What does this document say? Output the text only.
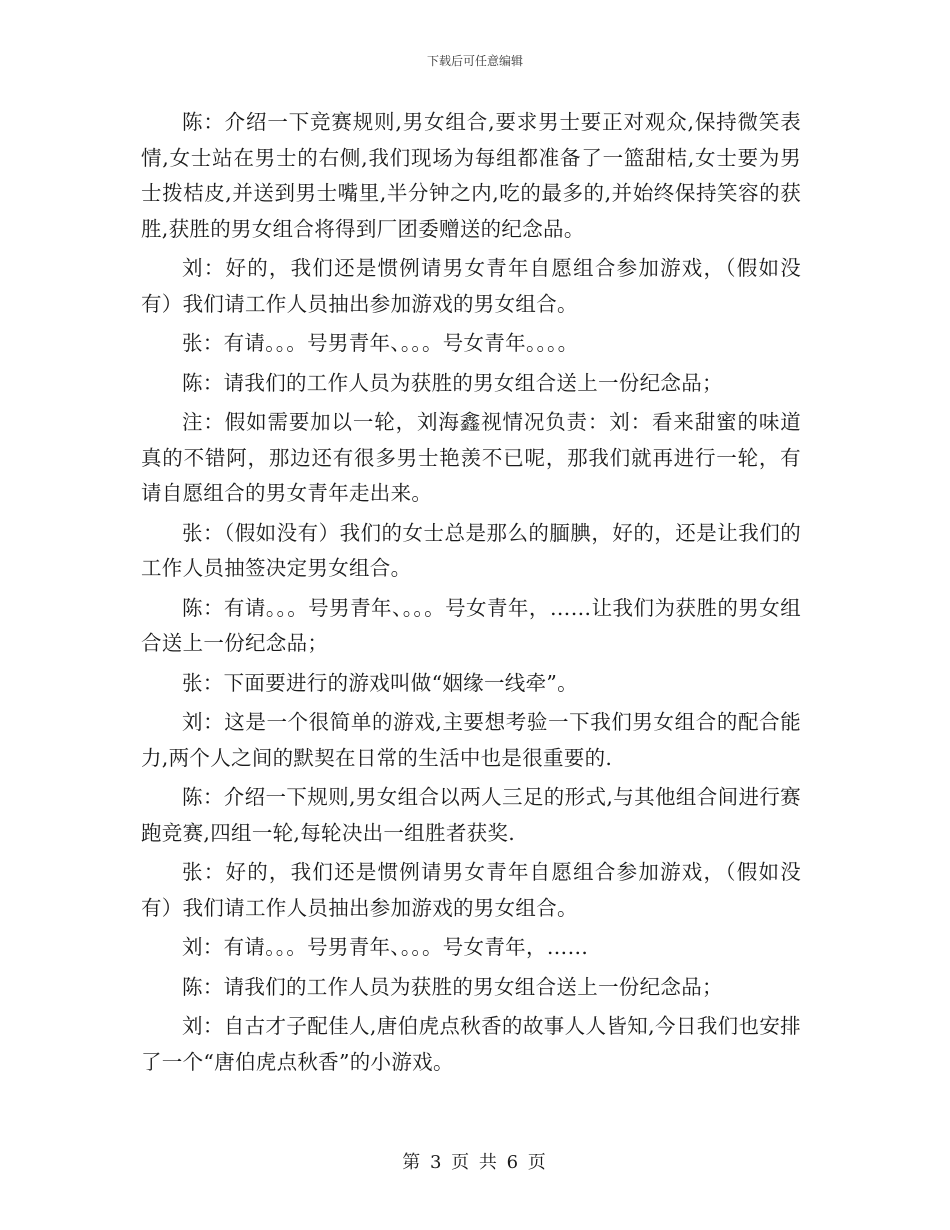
下载后可任意编辑

陈：介绍一下竞赛规则,男女组合,要求男士要正对观众,保持微笑表情,女士站在男士的右侧,我们现场为每组都准备了一篮甜桔,女士要为男士拨桔皮,并送到男士嘴里,半分钟之内,吃的最多的,并始终保持笑容的获胜,获胜的男女组合将得到厂团委赠送的纪念品。

刘：好的，我们还是惯例请男女青年自愿组合参加游戏，（假如没有）我们请工作人员抽出参加游戏的男女组合。

张：有请。。。号男青年、。。。号女青年。。。。

陈：请我们的工作人员为获胜的男女组合送上一份纪念品；

注：假如需要加以一轮，刘海鑫视情况负责：刘：看来甜蜜的味道真的不错阿，那边还有很多男士艳羡不已呢，那我们就再进行一轮，有请自愿组合的男女青年走出来。

张：（假如没有）我们的女士总是那么的腼腆，好的，还是让我们的工作人员抽签决定男女组合。

陈：有请。。。号男青年、。。。号女青年，……让我们为获胜的男女组合送上一份纪念品；

张：下面要进行的游戏叫做“姻缘一线牵”。

刘：这是一个很简单的游戏,主要想考验一下我们男女组合的配合能力,两个人之间的默契在日常的生活中也是很重要的.

陈：介绍一下规则,男女组合以两人三足的形式,与其他组合间进行赛跑竞赛,四组一轮,每轮决出一组胜者获奖.

张：好的，我们还是惯例请男女青年自愿组合参加游戏，（假如没有）我们请工作人员抽出参加游戏的男女组合。

刘：有请。。。号男青年、。。。号女青年，……

陈：请我们的工作人员为获胜的男女组合送上一份纪念品；

刘：自古才子配佳人,唐伯虎点秋香的故事人人皆知,今日我们也安排了一个“唐伯虎点秋香”的小游戏。

第 3 页 共 6 页
